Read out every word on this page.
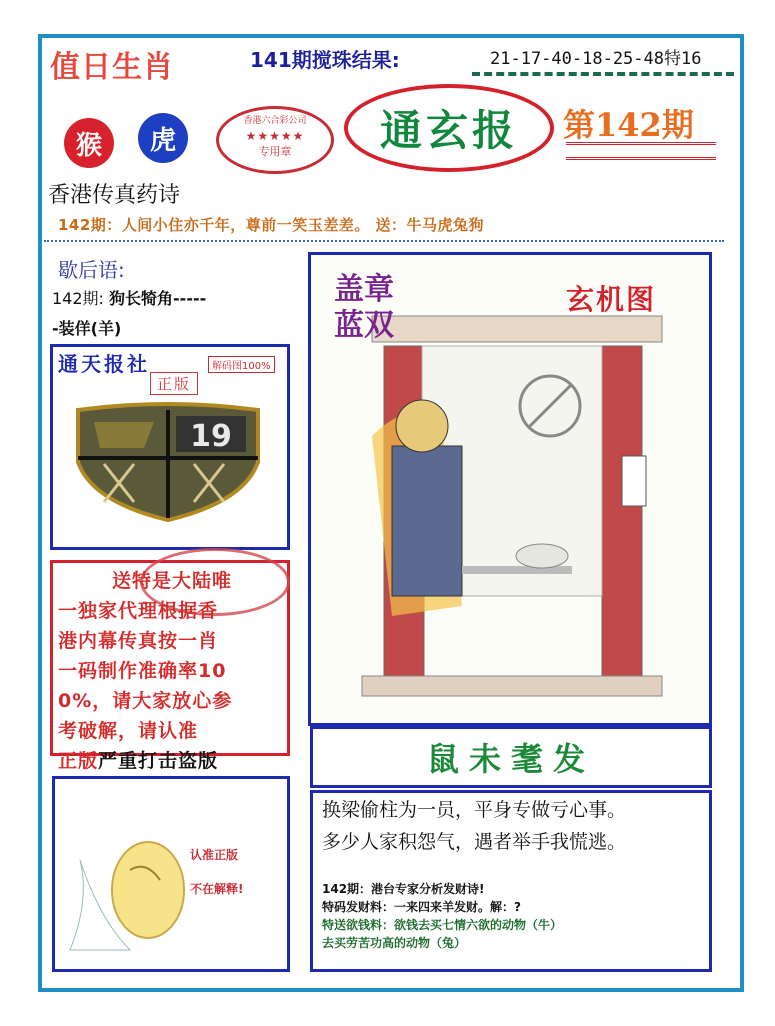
值日生肖	141期搅珠结果:	21-17-40-18-25-48特16
猴	虎
香港六合彩公司
★★★★★
专用章	通玄报	第142期
香港传真药诗
142期：人间小住亦千年，尊前一笑玉差差。 送：牛马虎兔狗
歇后语:
142期: 狗长犄角-----
-装佯(羊)
通天报社	解码图100%
正版
19
送特是大陆唯
一独家代理根据香
港内幕传真按一肖
一码制作准确率10
0%，请大家放心参
考破解，请认准
正版严重打击盗版
认准正版
不在解释!
盖章
蓝双
玄机图
鼠未耄发
换梁偷柱为一员，平身专做亏心事。
多少人家积怨气，遇者举手我慌逃。
142期：港台专家分析发财诗!
特码发财料：一来四来羊发财。解：?
特送欲钱料：欲钱去买七情六欲的动物（牛）
去买劳苦功高的动物（兔）
